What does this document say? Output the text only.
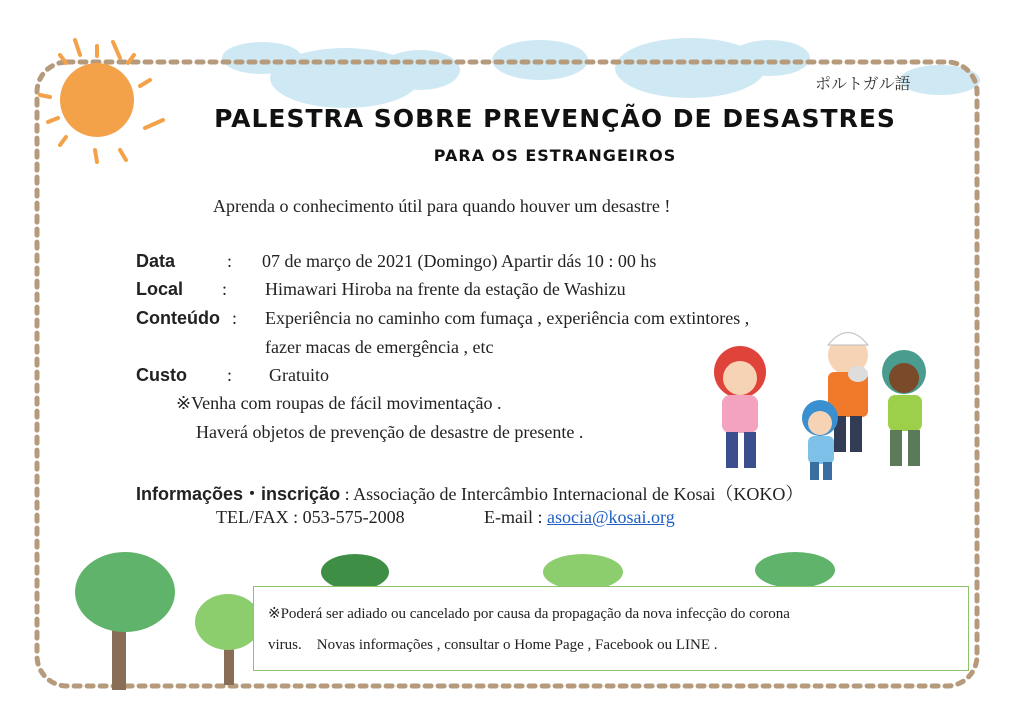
ポルトガル語
PALESTRA SOBRE PREVENÇÃO DE DESASTRES
PARA OS ESTRANGEIROS
Aprenda o conhecimento útil para quando houver um desastre !
Data	: 07 de março de 2021 (Domingo) Apartir dás 10 : 00 hs
Local : Himawari Hiroba na frente da estação de Washizu
Conteúdo : Experiência no caminho com fumaça , experiência com extintores ,
fazer macas de emergência , etc
Custo : Gratuito
※Venha com roupas de fácil movimentação .
Haverá objetos de prevenção de desastre de presente .
Informações・inscrição : Associação de Intercâmbio Internacional de Kosai（KOKO）
TEL/FAX : 053-575-2008	E-mail : asocia@kosai.org
※Poderá ser adiado ou cancelado por causa da propagação da nova infecção do corona
virus.　Novas informações , consultar o Home Page , Facebook ou LINE .
